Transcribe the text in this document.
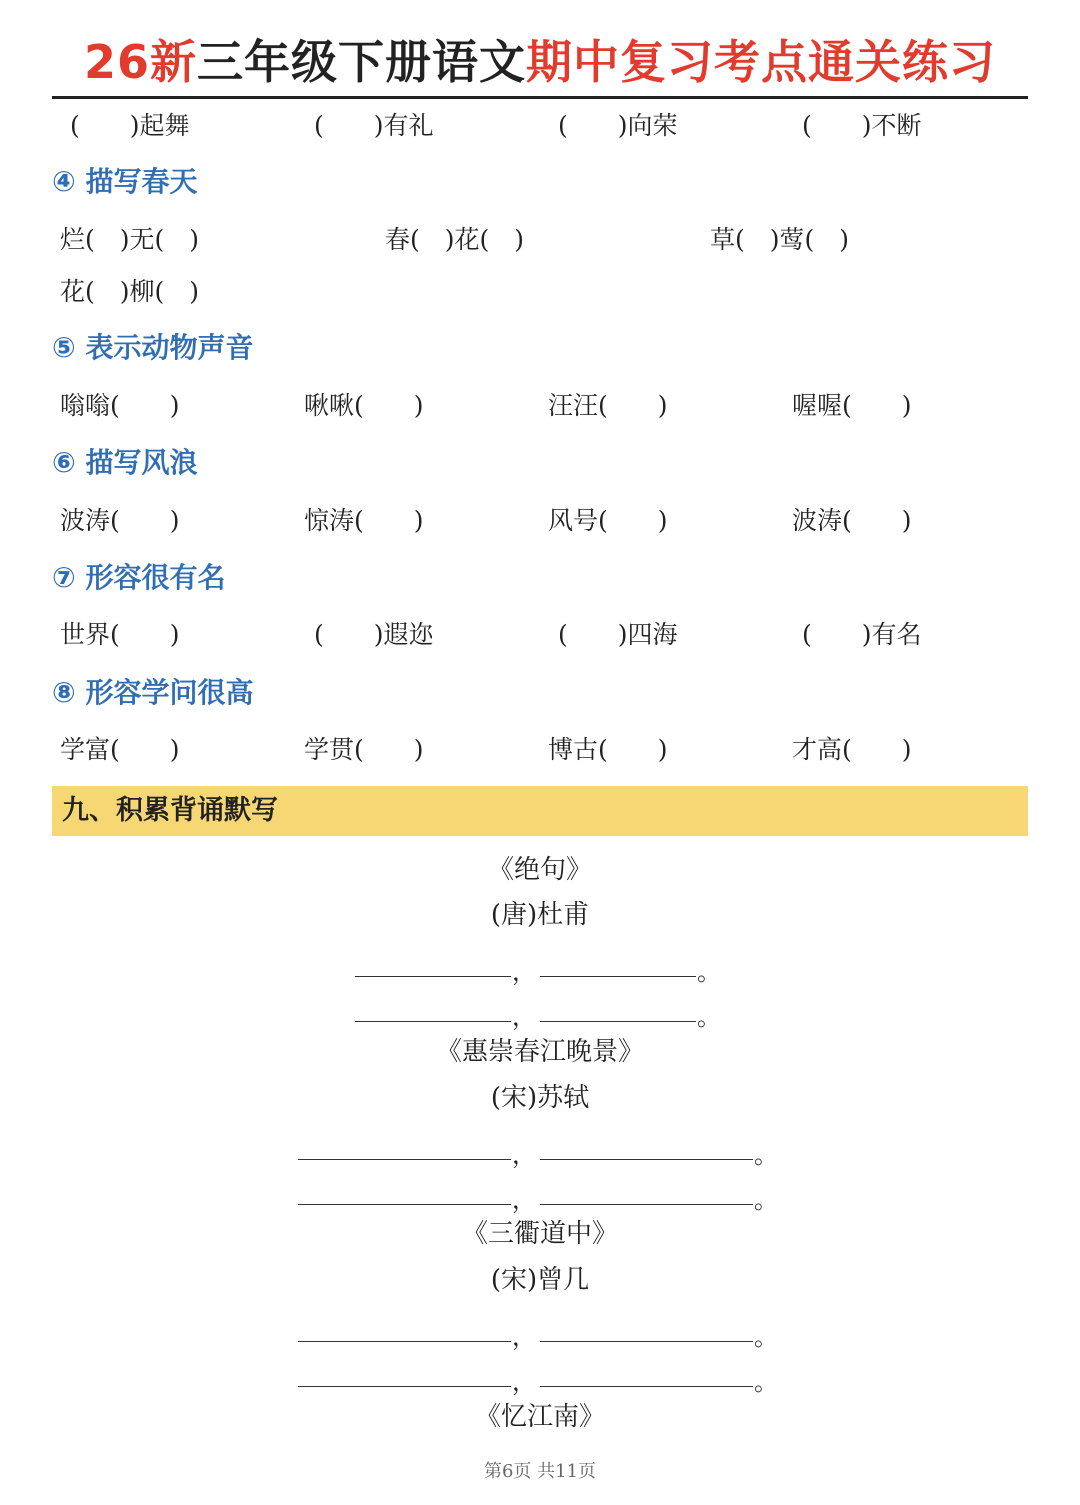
26新三年级下册语文期中复习考点通关练习
(　　)起舞	(　　)有礼	(　　)向荣	(　　)不断
④ 描写春天
烂(　)无(　)	春(　)花(　)	草(　)莺(　)
花(　)柳(　)
⑤ 表示动物声音
嗡嗡(　　)	啾啾(　　)	汪汪(　　)	喔喔(　　)
⑥ 描写风浪
波涛(　　)	惊涛(　　)	风号(　　)	波涛(　　)
⑦ 形容很有名
世界(　　)	(　　)遐迩	(　　)四海	(　　)有名
⑧ 形容学问很高
学富(　　)	学贯(　　)	博古(　　)	才高(　　)
九、积累背诵默写
《绝句》
(唐)杜甫
，	。
，	。
《惠崇春江晚景》
(宋)苏轼
，	。
，	。
《三衢道中》
(宋)曾几
，	。
，	。
《忆江南》
第6页 共11页
